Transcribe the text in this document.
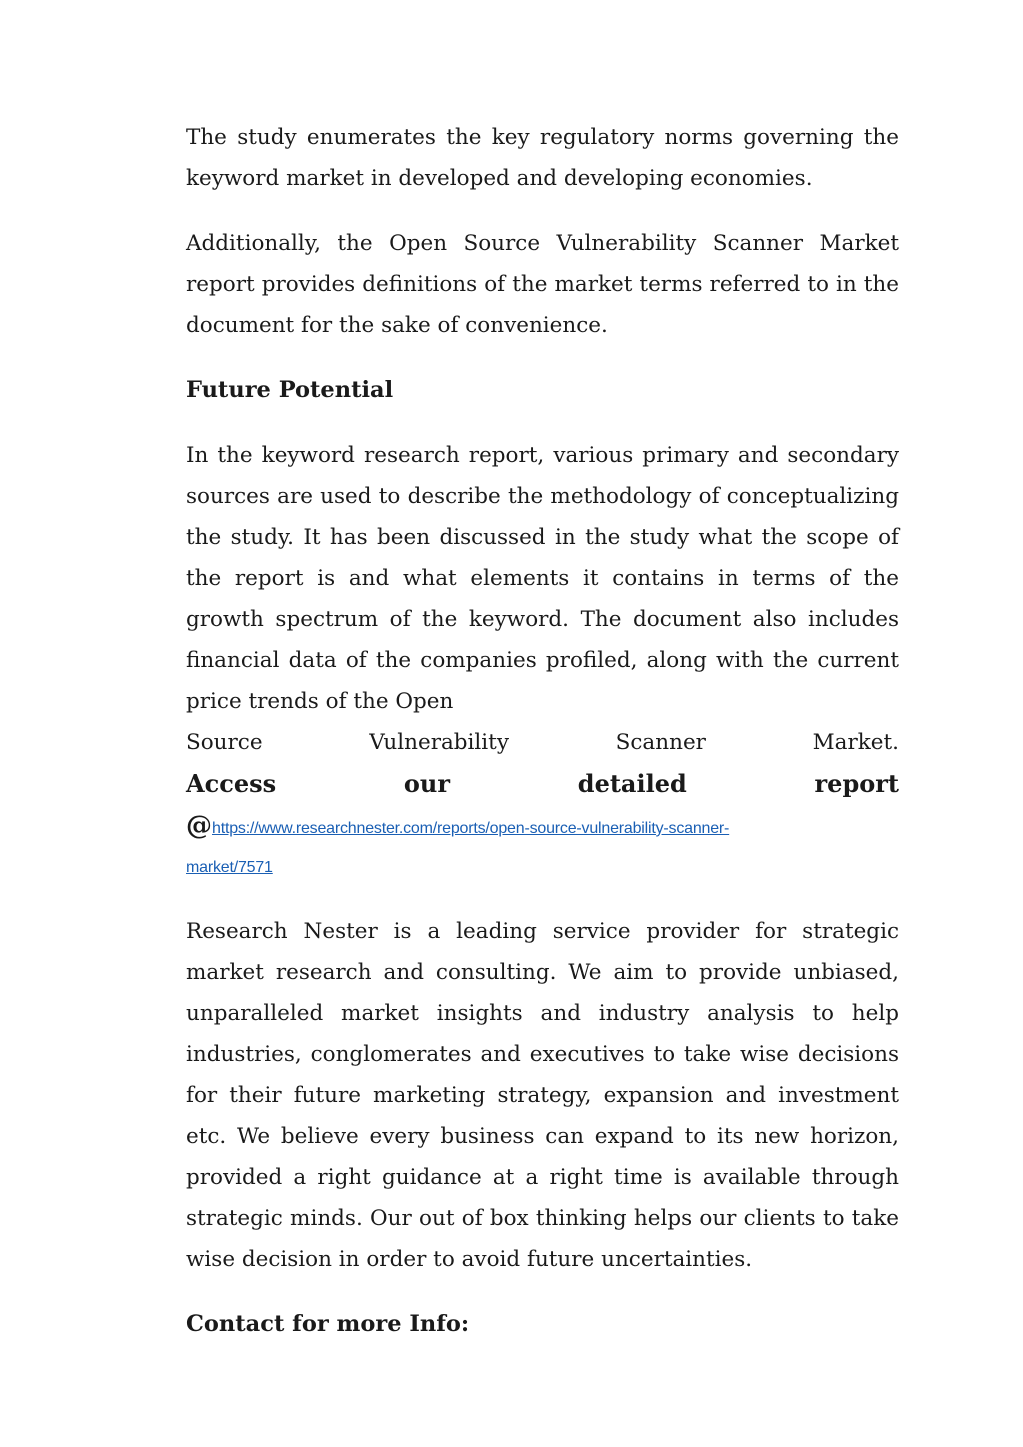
The study enumerates the key regulatory norms governing the keyword market in developed and developing economies.

Additionally, the Open Source Vulnerability Scanner Market report provides definitions of the market terms referred to in the document for the sake of convenience.

Future Potential

In the keyword research report, various primary and secondary sources are used to describe the methodology of conceptualizing the study. It has been discussed in the study what the scope of the report is and what elements it contains in terms of the growth spectrum of the keyword. The document also includes financial data of the companies profiled, along with the current price trends of the Open

Source	Vulnerability	Scanner	Market.
Access	our	detailed	report
@https://www.researchnester.com/reports/open-source-vulnerability-scanner-
market/7571

Research Nester is a leading service provider for strategic market research and consulting. We aim to provide unbiased, unparalleled market insights and industry analysis to help industries, conglomerates and executives to take wise decisions for their future marketing strategy, expansion and investment etc. We believe every business can expand to its new horizon, provided a right guidance at a right time is available through strategic minds. Our out of box thinking helps our clients to take wise decision in order to avoid future uncertainties.

Contact for more Info:
